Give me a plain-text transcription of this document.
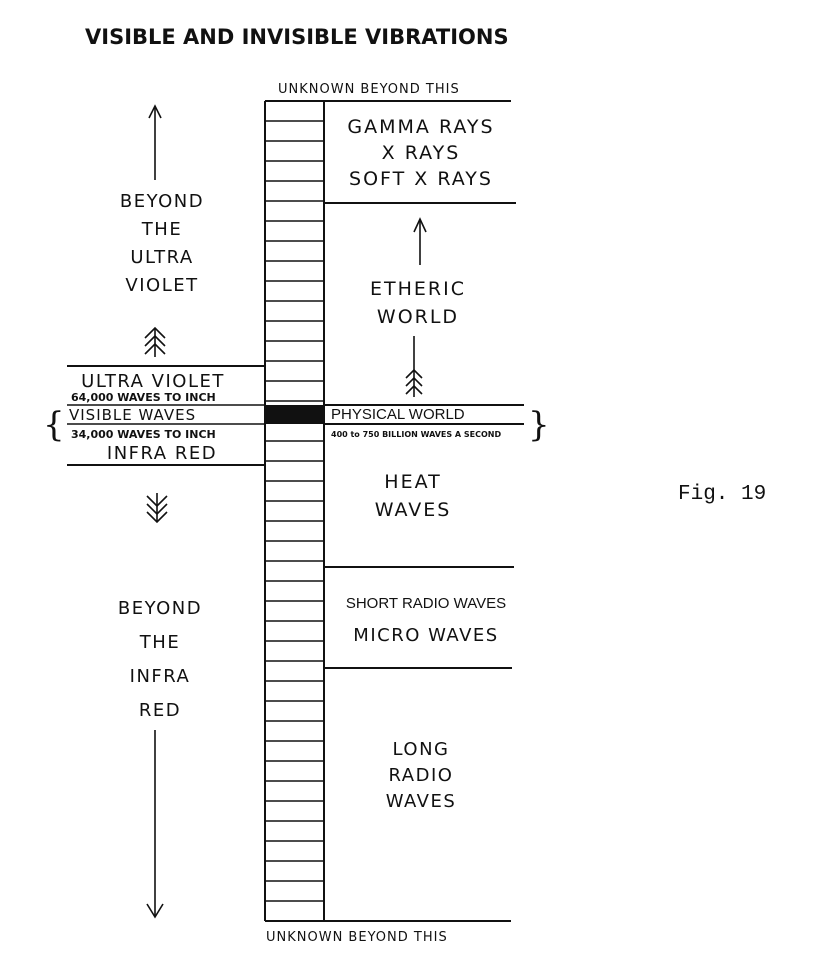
VISIBLE AND INVISIBLE VIBRATIONS
Fig. 19
UNKNOWN BEYOND THIS
GAMMA RAYS
X RAYS
SOFT X RAYS
ETHERIC
WORLD
PHYSICAL WORLD
400 to 750 BILLION WAVES A SECOND
HEAT
WAVES
SHORT RADIO WAVES
MICRO WAVES
LONG
RADIO
WAVES
BEYOND
THE
ULTRA
VIOLET
ULTRA VIOLET
64,000 WAVES TO INCH
VISIBLE WAVES
34,000 WAVES TO INCH
INFRA RED
BEYOND
THE
INFRA
RED
UNKNOWN BEYOND THIS
{	}
